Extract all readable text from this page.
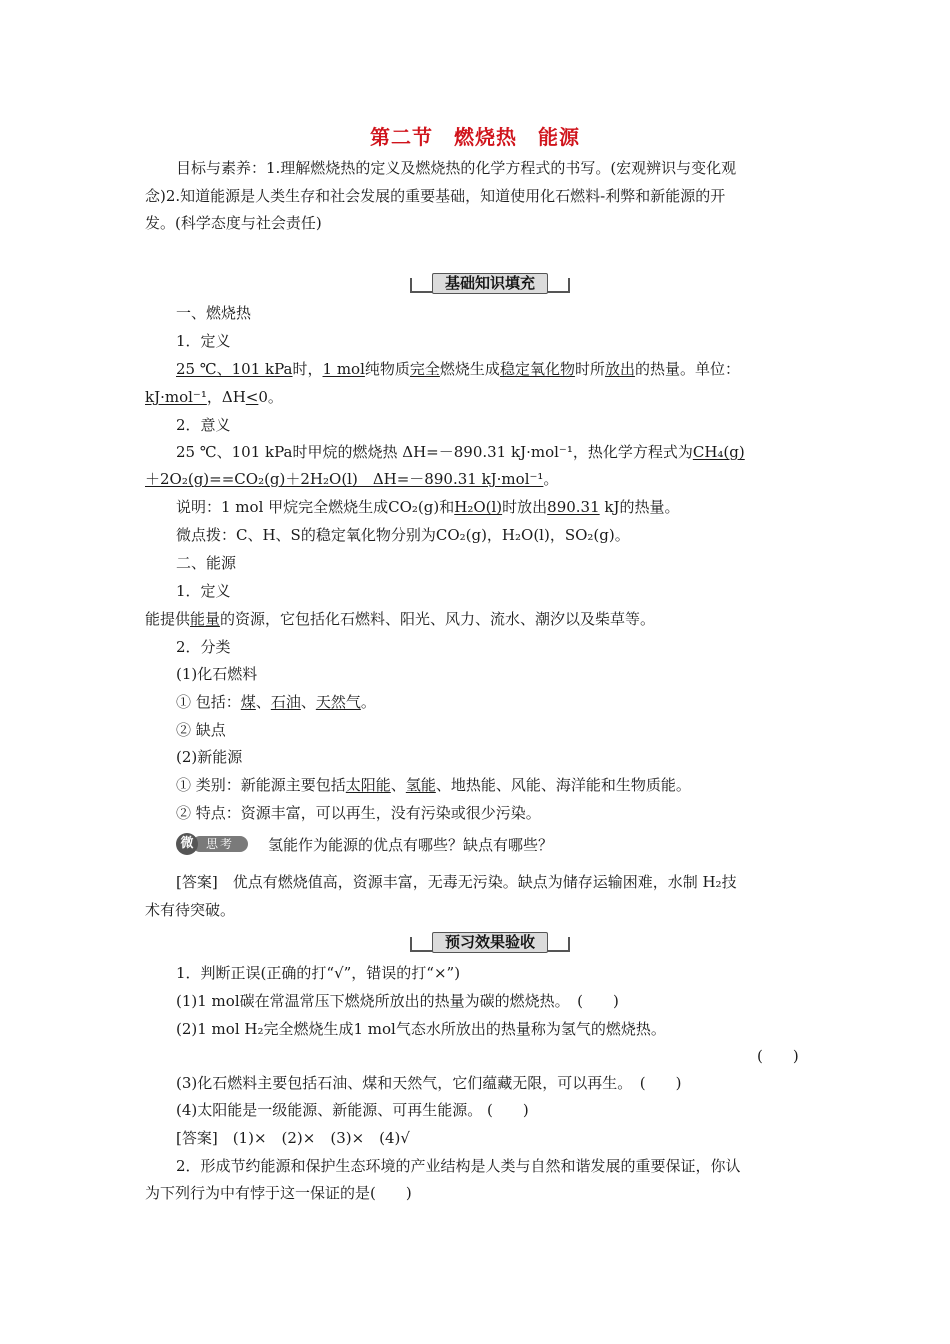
第二节　燃烧热　能源
目标与素养：1.理解燃烧热的定义及燃烧热的化学方程式的书写。(宏观辨识与变化观
念)2.知道能源是人类生存和社会发展的重要基础，知道使用化石燃料-利弊和新能源的开
发。(科学态度与社会责任)
基础知识填充
一、燃烧热
1．定义
25 ℃、101 kPa时，1 mol纯物质完全燃烧生成稳定氧化物时所放出的热量。单位：
kJ·mol⁻¹，ΔH<0。
2．意义
25 ℃、101 kPa时甲烷的燃烧热 ΔH=－890.31 kJ·mol⁻¹，热化学方程式为CH₄(g)
＋2O₂(g)==CO₂(g)＋2H₂O(l)　ΔH=－890.31 kJ·mol⁻¹。
说明：1 mol 甲烷完全燃烧生成CO₂(g)和H₂O(l)时放出890.31 kJ的热量。
微点拨：C、H、S的稳定氧化物分别为CO₂(g)，H₂O(l)，SO₂(g)。
二、能源
1．定义
能提供能量的资源，它包括化石燃料、阳光、风力、流水、潮汐以及柴草等。
2．分类
(1)化石燃料
① 包括：煤、石油、天然气。
② 缺点
(2)新能源
① 类别：新能源主要包括太阳能、氢能、地热能、风能、海洋能和生物质能。
② 特点：资源丰富，可以再生，没有污染或很少污染。
思考
微	氢能作为能源的优点有哪些？缺点有哪些？
[答案]　优点有燃烧值高，资源丰富，无毒无污染。缺点为储存运输困难，水制 H₂技
术有待突破。
预习效果验收
1．判断正误(正确的打“√”，错误的打“×”)
(1)1 mol碳在常温常压下燃烧所放出的热量为碳的燃烧热。　(　　)
(2)1 mol H₂完全燃烧生成1 mol气态水所放出的热量称为氢气的燃烧热。
(　　)
(3)化石燃料主要包括石油、煤和天然气，它们蕴藏无限，可以再生。　(　　)
(4)太阳能是一级能源、新能源、可再生能源。 (　　)
[答案]　(1)×　(2)×　(3)×　(4)√
2．形成节约能源和保护生态环境的产业结构是人类与自然和谐发展的重要保证，你认
为下列行为中有悖于这一保证的是(　　)
